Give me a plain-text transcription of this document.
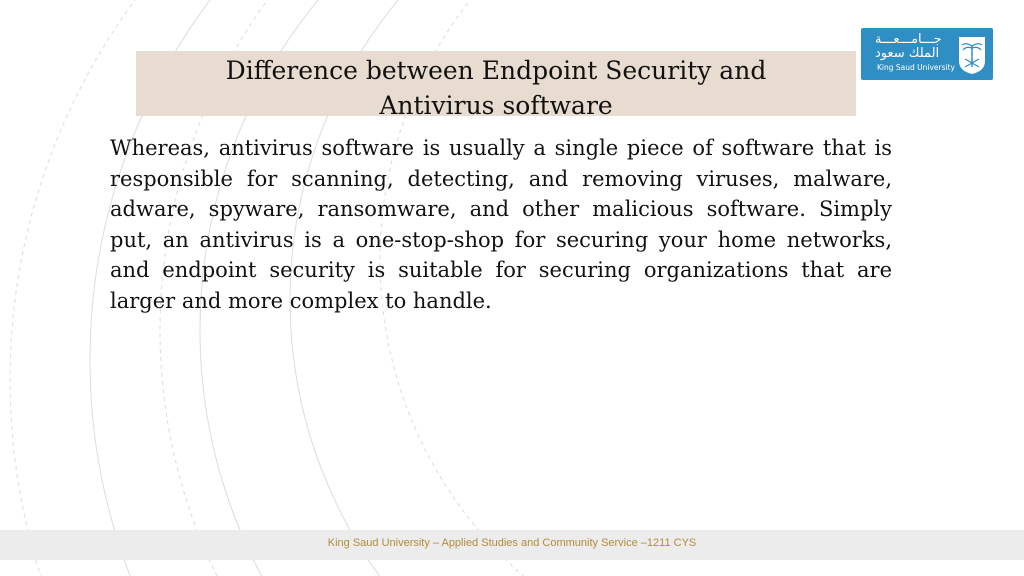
Difference between Endpoint Security and
Antivirus software
جـــامـــعـــة
الملك سعود
King Saud University
Whereas, antivirus software is usually a single piece of software that is responsible for scanning, detecting, and removing viruses, malware, adware, spyware, ransomware, and other malicious software. Simply put, an antivirus is a one-stop-shop for securing your home networks, and endpoint security is suitable for securing organizations that are larger and more complex to handle.
King Saud University – Applied Studies and Community Service –1211 CYS
